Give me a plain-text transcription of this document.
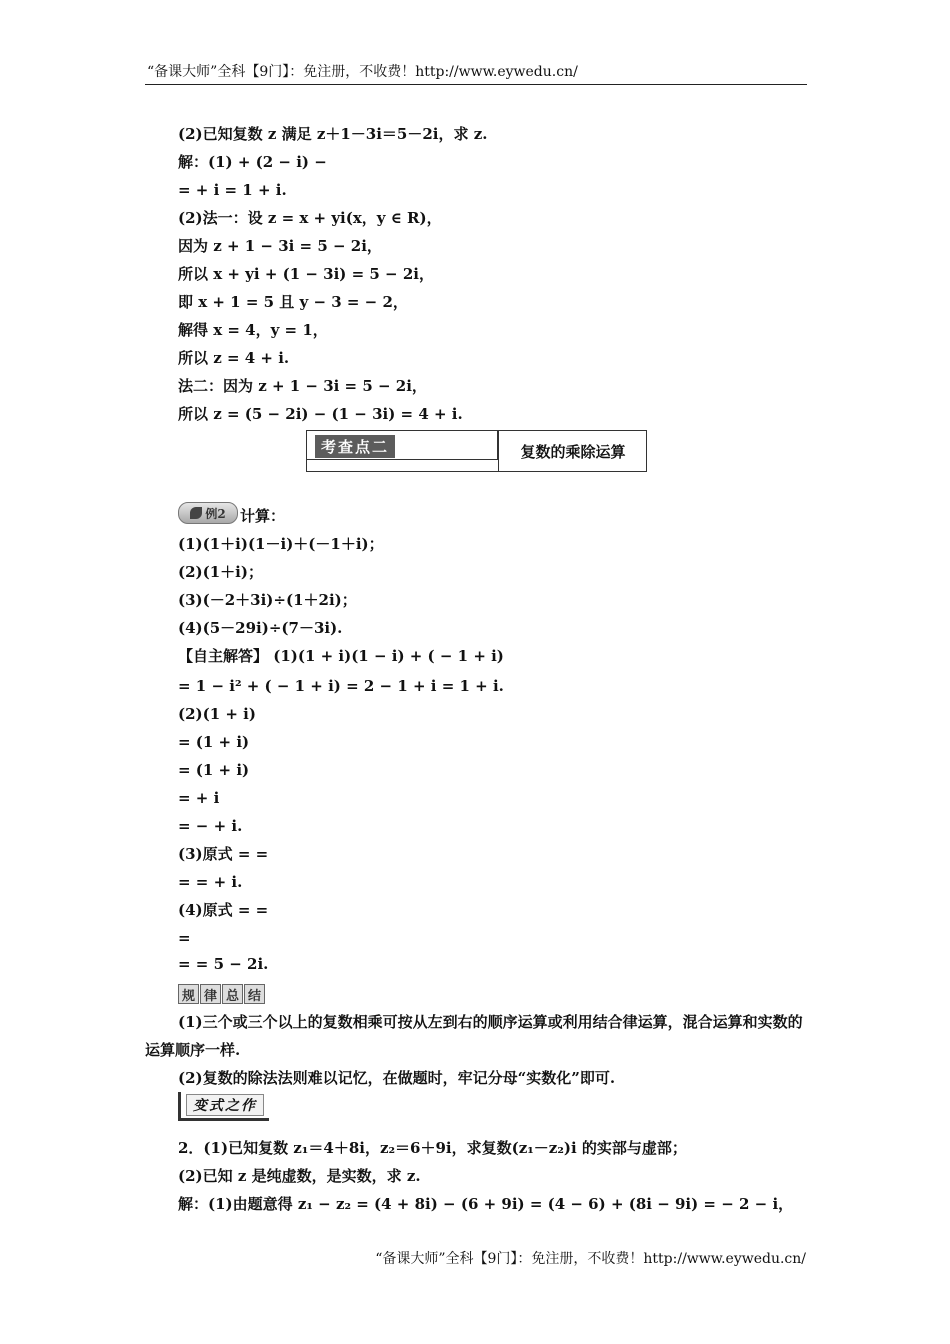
“备课大师”全科【9门】：免注册，不收费！http://www.eywedu.cn/
(2)已知复数 z 满足 z＋1－3i＝5－2i，求 z.
解：(1) + (2 − i) −
= + i = 1 + i.
(2)法一：设 z = x + yi(x，y ∈ R)，
因为 z + 1 − 3i = 5 − 2i，
所以 x + yi + (1 − 3i) = 5 − 2i，
即 x + 1 = 5 且 y − 3 = − 2，
解得 x = 4，y = 1，
所以 z = 4 + i.
法二：因为 z + 1 − 3i = 5 − 2i，
所以 z = (5 − 2i) − (1 − 3i) = 4 + i.
考查点二	复数的乘除运算
例2 计算：
(1)(1＋i)(1－i)＋(－1＋i)；
(2)(1＋i)；
(3)(－2＋3i)÷(1＋2i)；
(4)(5－29i)÷(7－3i).
【自主解答】 (1)(1 + i)(1 − i) + ( − 1 + i)
= 1 − i² + ( − 1 + i) = 2 − 1 + i = 1 + i.
(2)(1 + i)
= (1 + i)
= (1 + i)
= + i
= − + i.
(3)原式 = =
= = + i.
(4)原式 = =
=
= = 5 − 2i.
规 律 总 结
(1)三个或三个以上的复数相乘可按从左到右的顺序运算或利用结合律运算，混合运算和实数的运算顺序一样.
(2)复数的除法法则难以记忆，在做题时，牢记分母“实数化”即可.
变式之作
2．(1)已知复数 z₁＝4＋8i，z₂＝6＋9i，求复数(z₁－z₂)i 的实部与虚部；
(2)已知 z 是纯虚数，是实数，求 z.
解：(1)由题意得 z₁ − z₂ = (4 + 8i) − (6 + 9i) = (4 − 6) + (8i − 9i) = − 2 − i，
“备课大师”全科【9门】：免注册，不收费！http://www.eywedu.cn/
